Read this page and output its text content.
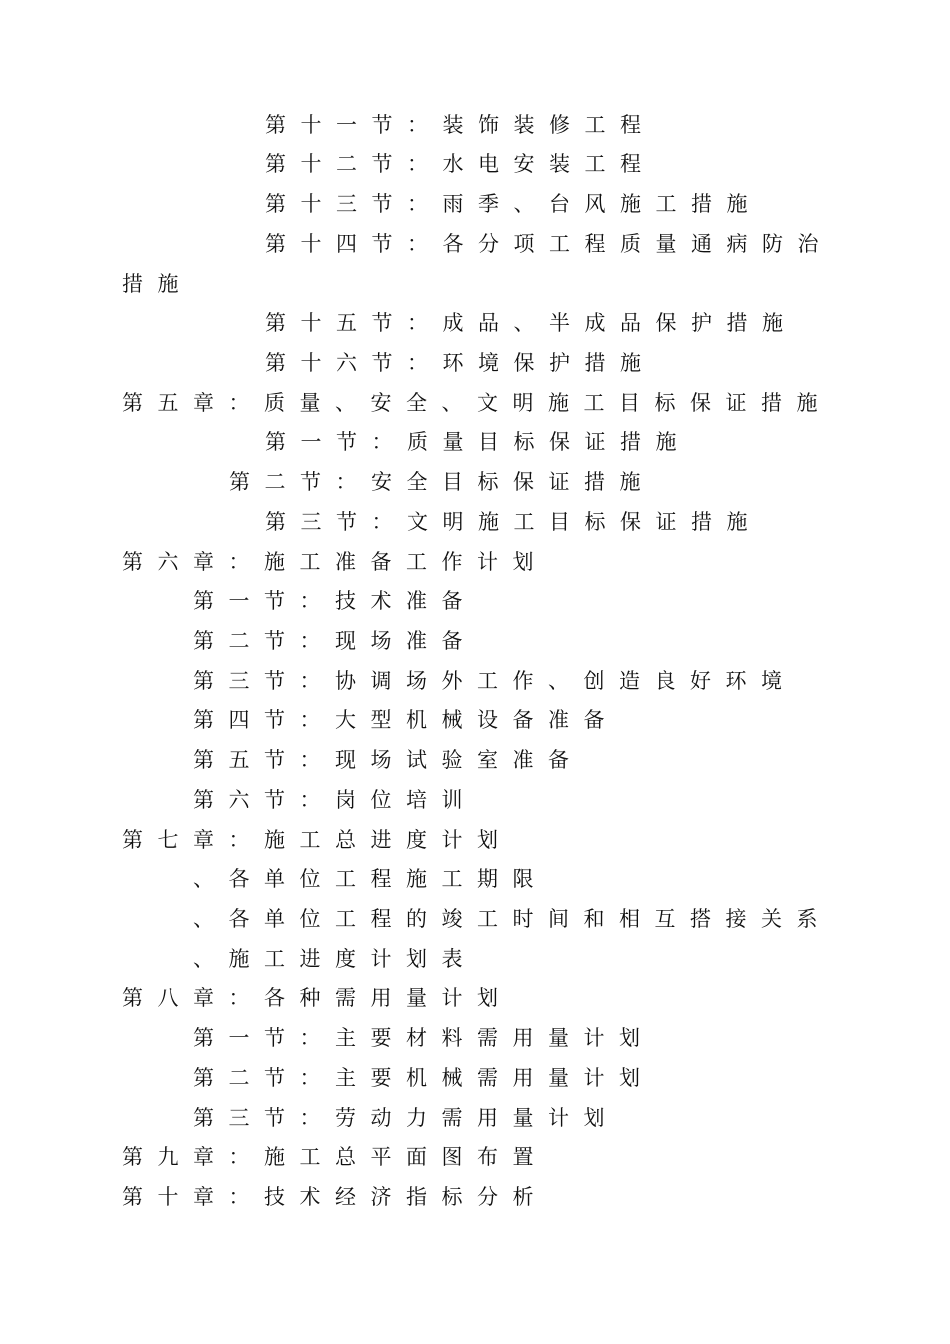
第十一节：装饰装修工程
第十二节：水电安装工程
第十三节：雨季、台风施工措施
第十四节：各分项工程质量通病防治
措施
第十五节：成品、半成品保护措施
第十六节：环境保护措施
第五章：质量、安全、文明施工目标保证措施
第一节：质量目标保证措施
第二节：安全目标保证措施
第三节：文明施工目标保证措施
第六章：施工准备工作计划
第一节：技术准备
第二节：现场准备
第三节：协调场外工作、创造良好环境
第四节：大型机械设备准备
第五节：现场试验室准备
第六节：岗位培训
第七章：施工总进度计划
、各单位工程施工期限
、各单位工程的竣工时间和相互搭接关系
、施工进度计划表
第八章：各种需用量计划
第一节：主要材料需用量计划
第二节：主要机械需用量计划
第三节：劳动力需用量计划
第九章：施工总平面图布置
第十章：技术经济指标分析
